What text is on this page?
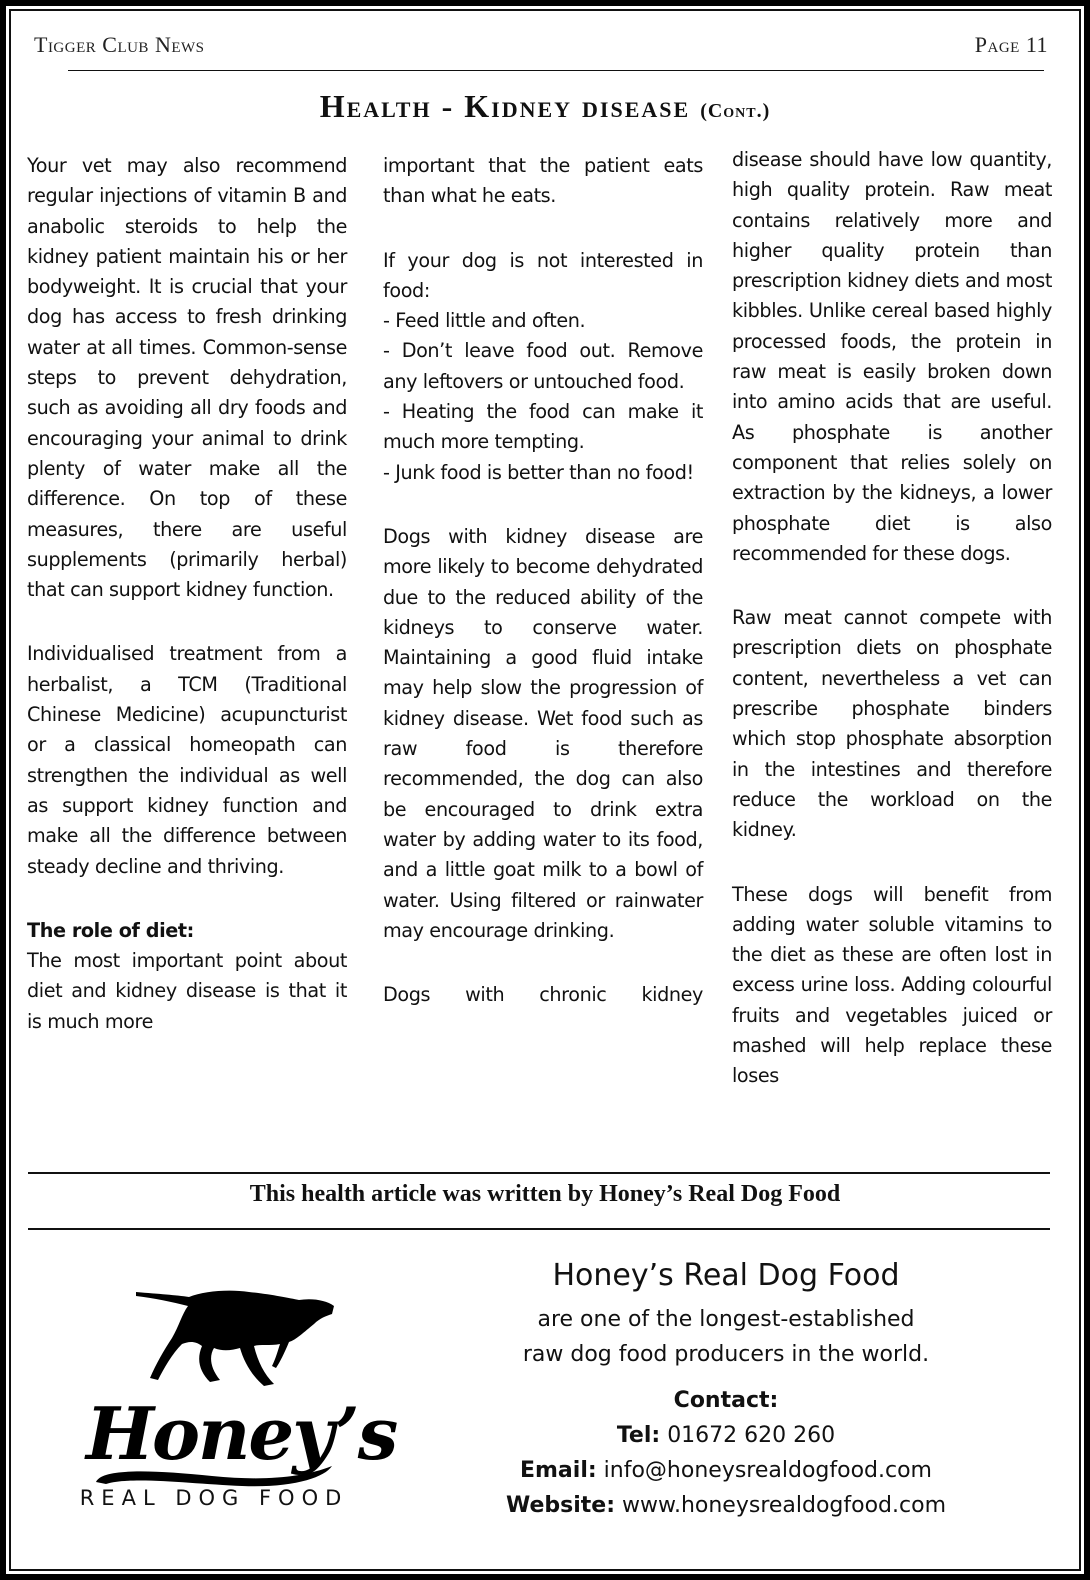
Tigger Club News	Page 11
Health - Kidney disease (Cont.)

Your vet may also recommend regular injections of vitamin B and anabolic steroids to help the kidney patient maintain his or her bodyweight. It is crucial that your dog has access to fresh drinking water at all times. Common-sense steps to prevent dehydration, such as avoiding all dry foods and encouraging your animal to drink plenty of water make all the difference. On top of these measures, there are useful supplements (primarily herbal) that can support kidney function.

Individualised treatment from a herbalist, a TCM (Traditional Chinese Medicine) acupuncturist or a classical homeopath can strengthen the individual as well as support kidney function and make all the difference between steady decline and thriving.

The role of diet:
The most important point about diet and kidney disease is that it is much more

important that the patient eats than what he eats.

If your dog is not interested in food:
- Feed little and often.
- Don’t leave food out. Remove any leftovers or untouched food.
- Heating the food can make it much more tempting.
- Junk food is better than no food!

Dogs with kidney disease are more likely to become dehydrated due to the reduced ability of the kidneys to conserve water. Maintaining a good fluid intake may help slow the progression of kidney disease. Wet food such as raw food is therefore recommended, the dog can also be encouraged to drink extra water by adding water to its food, and a little goat milk to a bowl of water. Using filtered or rainwater may encourage drinking.

Dogs with chronic kidney

disease should have low quantity, high quality protein. Raw meat contains relatively more and higher quality protein than prescription kidney diets and most kibbles. Unlike cereal based highly processed foods, the protein in raw meat is easily broken down into amino acids that are useful. As phosphate is another component that relies solely on extraction by the kidneys, a lower phosphate diet is also recommended for these dogs.

Raw meat cannot compete with prescription diets on phosphate content, nevertheless a vet can prescribe phosphate binders which stop phosphate absorption in the intestines and therefore reduce the workload on the kidney.

These dogs will benefit from adding water soluble vitamins to the diet as these are often lost in excess urine loss. Adding colourful fruits and vegetables juiced or mashed will help replace these loses

This health article was written by Honey’s Real Dog Food
Honey’s
REAL DOG FOOD
Honey’s Real Dog Food
are one of the longest-established
raw dog food producers in the world.
Contact:
Tel: 01672 620 260
Email: info@honeysrealdogfood.com
Website: www.honeysrealdogfood.com
